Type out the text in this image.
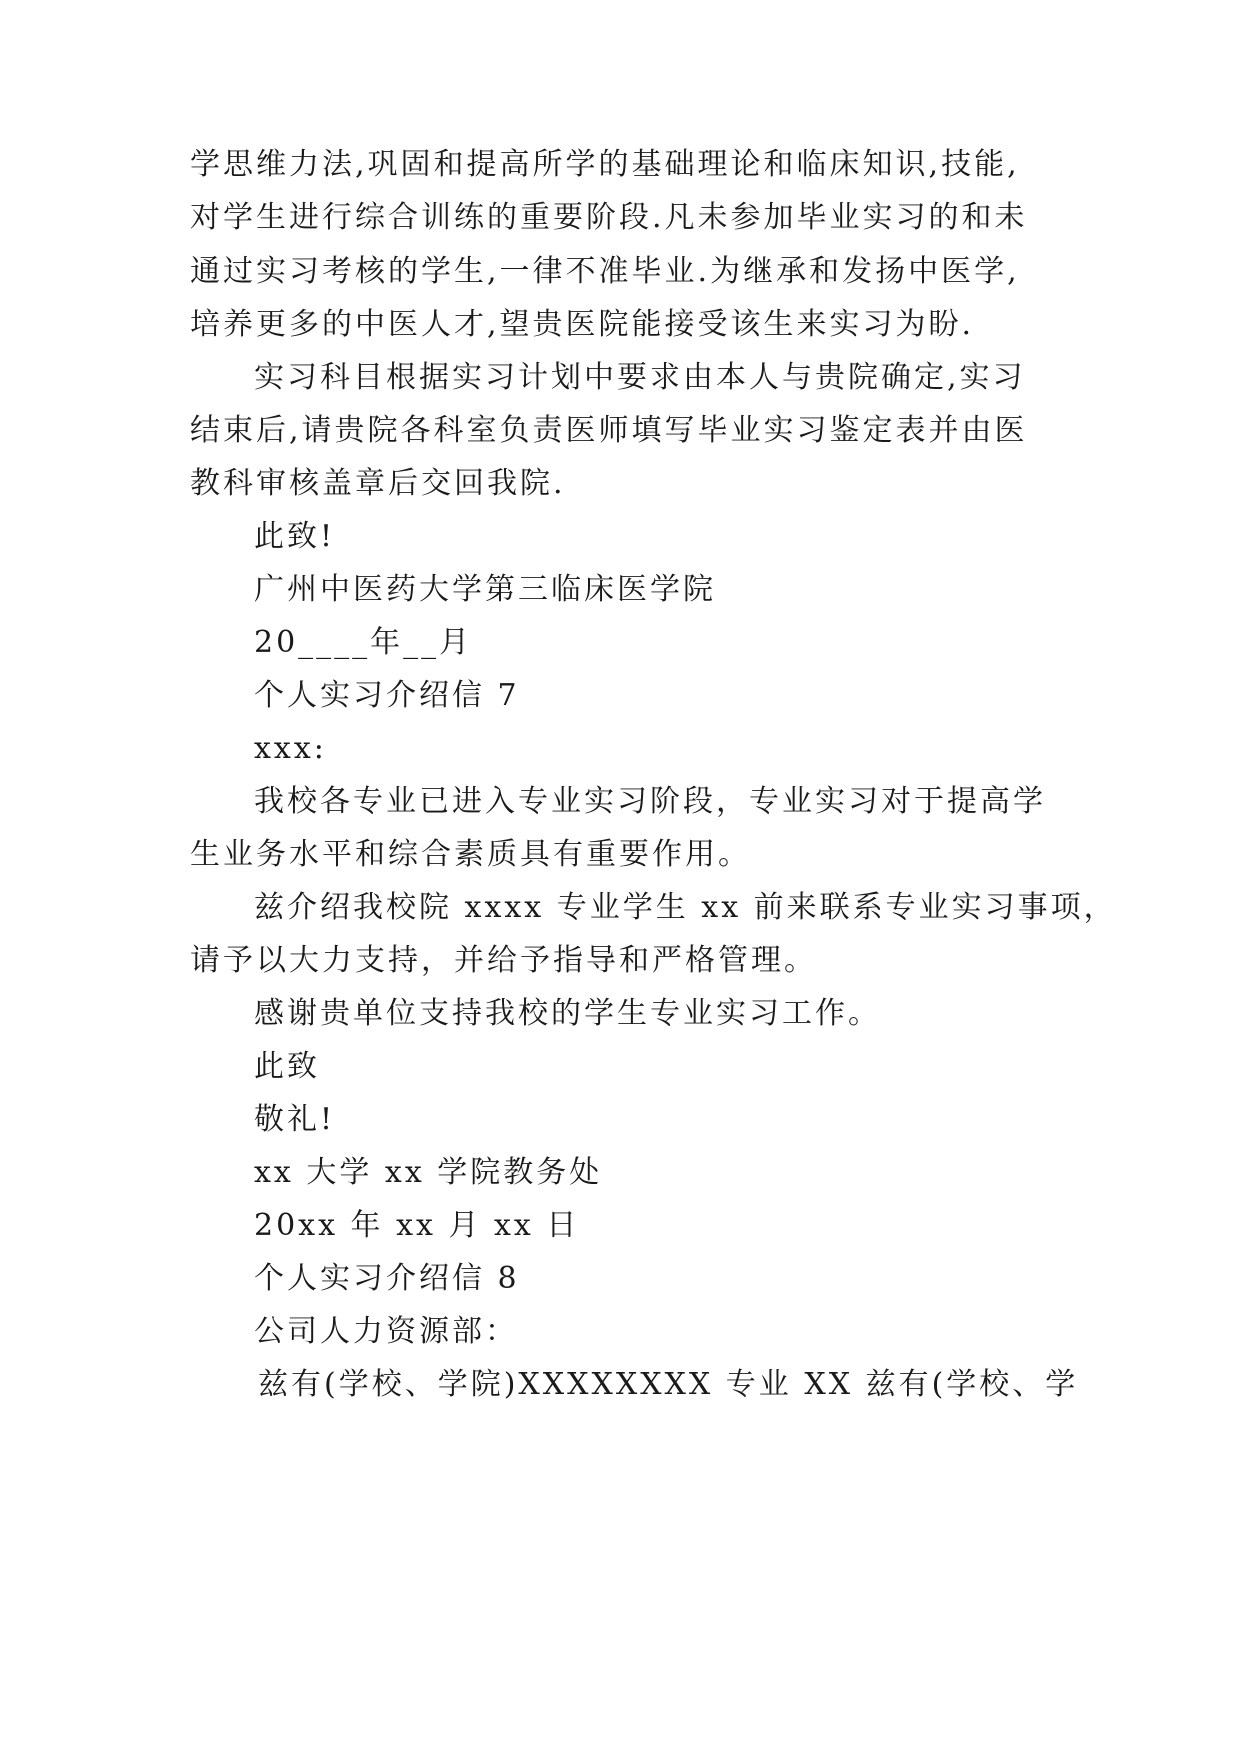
学思维力法,巩固和提高所学的基础理论和临床知识,技能,
对学生进行综合训练的重要阶段.凡未参加毕业实习的和未
通过实习考核的学生,一律不准毕业.为继承和发扬中医学,
培养更多的中医人才,望贵医院能接受该生来实习为盼.
实习科目根据实习计划中要求由本人与贵院确定,实习
结束后,请贵院各科室负责医师填写毕业实习鉴定表并由医
教科审核盖章后交回我院.
此致!
广州中医药大学第三临床医学院
20____年__月
个人实习介绍信 7
xxx:
我校各专业已进入专业实习阶段，专业实习对于提高学
生业务水平和综合素质具有重要作用。
兹介绍我校院 xxxx 专业学生 xx 前来联系专业实习事项，
请予以大力支持，并给予指导和严格管理。
感谢贵单位支持我校的学生专业实习工作。
此致
敬礼!
xx 大学 xx 学院教务处
20xx 年 xx 月 xx 日
个人实习介绍信 8
公司人力资源部：
兹有(学校、学院)XXXXXXXX 专业 XX 兹有(学校、学
